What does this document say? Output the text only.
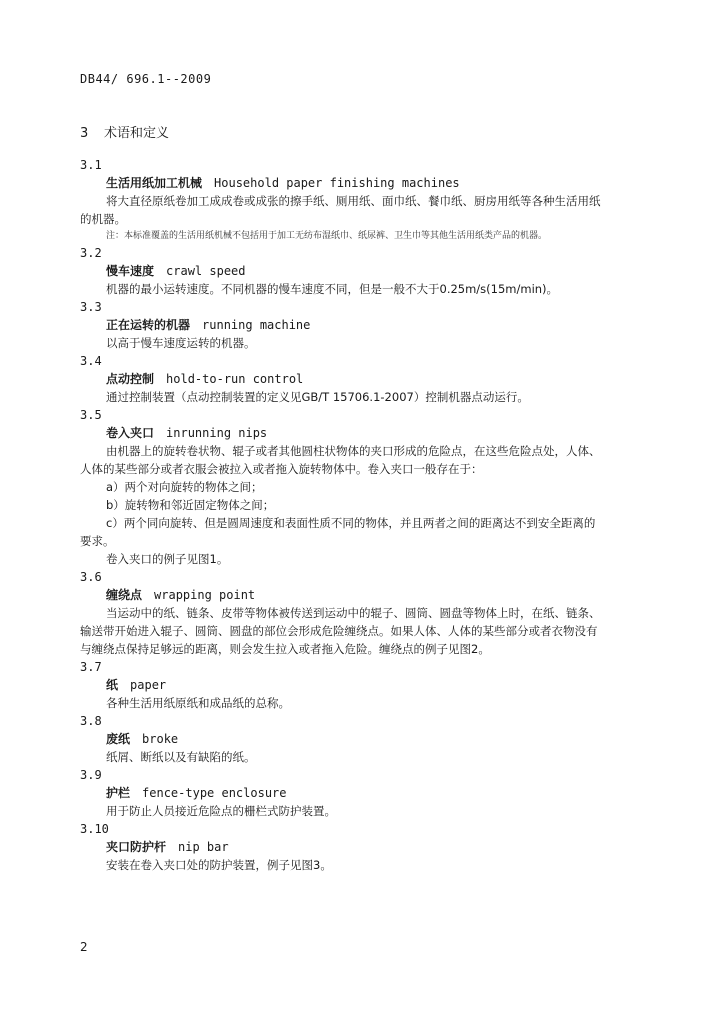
DB44/ 696.1--2009
3 术语和定义
3.1
生活用纸加工机械 Household paper finishing machines
将大直径原纸卷加工成成卷或成张的擦手纸、厕用纸、面巾纸、餐巾纸、厨房用纸等各种生活用纸
的机器。
注：本标准覆盖的生活用纸机械不包括用于加工无纺布湿纸巾、纸尿裤、卫生巾等其他生活用纸类产品的机器。
3.2
慢车速度 crawl speed
机器的最小运转速度。不同机器的慢车速度不同，但是一般不大于0.25m/s(15m/min)。
3.3
正在运转的机器 running machine
以高于慢车速度运转的机器。
3.4
点动控制 hold-to-run control
通过控制装置（点动控制装置的定义见GB/T 15706.1-2007）控制机器点动运行。
3.5
卷入夹口 inrunning nips
由机器上的旋转卷状物、辊子或者其他圆柱状物体的夹口形成的危险点，在这些危险点处，人体、
人体的某些部分或者衣服会被拉入或者拖入旋转物体中。卷入夹口一般存在于：
a）两个对向旋转的物体之间；
b）旋转物和邻近固定物体之间；
c）两个同向旋转、但是圆周速度和表面性质不同的物体，并且两者之间的距离达不到安全距离的
要求。
卷入夹口的例子见图1。
3.6
缠绕点 wrapping point
当运动中的纸、链条、皮带等物体被传送到运动中的辊子、圆筒、圆盘等物体上时，在纸、链条、
输送带开始进入辊子、圆筒、圆盘的部位会形成危险缠绕点。如果人体、人体的某些部分或者衣物没有
与缠绕点保持足够远的距离，则会发生拉入或者拖入危险。缠绕点的例子见图2。
3.7
纸 paper
各种生活用纸原纸和成品纸的总称。
3.8
废纸 broke
纸屑、断纸以及有缺陷的纸。
3.9
护栏 fence-type enclosure
用于防止人员接近危险点的栅栏式防护装置。
3.10
夹口防护杆 nip bar
安装在卷入夹口处的防护装置，例子见图3。
2
